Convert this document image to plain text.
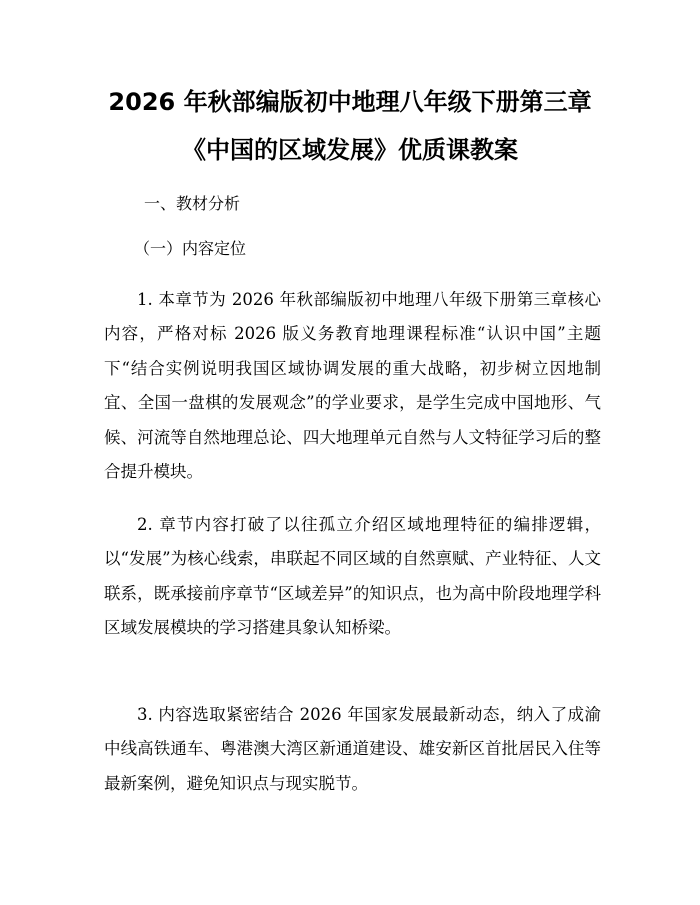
2026 年秋部编版初中地理八年级下册第三章
《中国的区域发展》优质课教案
一、教材分析
（一）内容定位

1. 本章节为 2026 年秋部编版初中地理八年级下册第三章核心内容，严格对标 2026 版义务教育地理课程标准“认识中国”主题下“结合实例说明我国区域协调发展的重大战略，初步树立因地制宜、全国一盘棋的发展观念”的学业要求，是学生完成中国地形、气候、河流等自然地理总论、四大地理单元自然与人文特征学习后的整合提升模块。

2. 章节内容打破了以往孤立介绍区域地理特征的编排逻辑，以“发展”为核心线索，串联起不同区域的自然禀赋、产业特征、人文联系，既承接前序章节“区域差异”的知识点，也为高中阶段地理学科区域发展模块的学习搭建具象认知桥梁。

3. 内容选取紧密结合 2026 年国家发展最新动态，纳入了成渝中线高铁通车、粤港澳大湾区新通道建设、雄安新区首批居民入住等最新案例，避免知识点与现实脱节。
